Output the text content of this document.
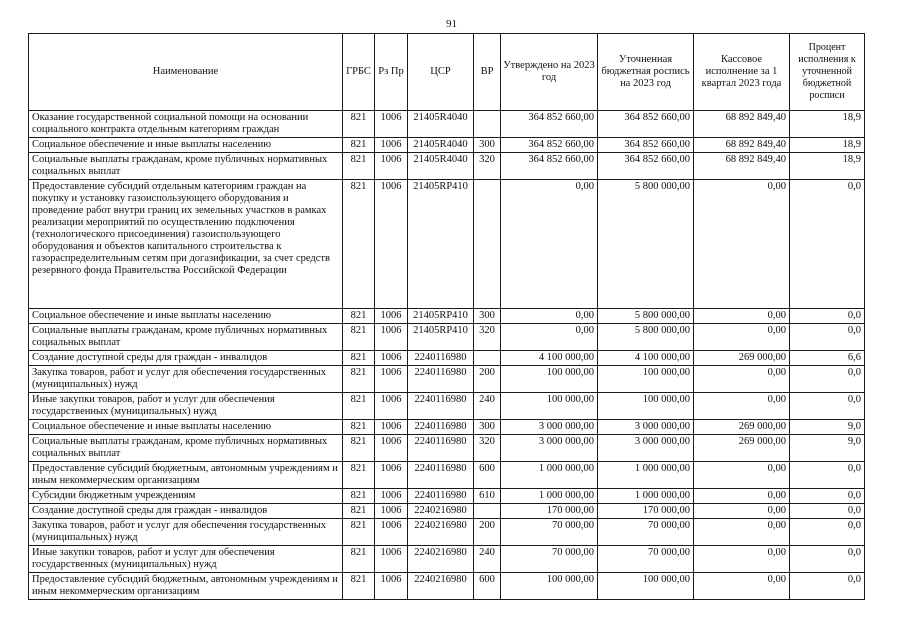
91
Наименование	ГРБС	Рз Пр	ЦСР	ВР	Утверждено на 2023 год	Уточненная бюджетная роспись на 2023 год	Кассовое исполнение за 1 квартал 2023 года	Процент исполнения к уточненной бюджетной росписи
Оказание государственной социальной помощи на основании социального контракта отдельным категориям граждан	821	1006	21405R4040		364 852 660,00	364 852 660,00	68 892 849,40	18,9
Социальное обеспечение и иные выплаты населению	821	1006	21405R4040	300	364 852 660,00	364 852 660,00	68 892 849,40	18,9
Социальные выплаты гражданам, кроме публичных нормативных социальных выплат	821	1006	21405R4040	320	364 852 660,00	364 852 660,00	68 892 849,40	18,9
Предоставление субсидий отдельным категориям граждан на покупку и установку газоиспользующего оборудования и проведение работ внутри границ их земельных участков в рамках реализации мероприятий по осуществлению подключения (технологического присоединения) газоиспользующего оборудования и объектов капитального строительства к газораспределительным сетям при догазификации, за счет средств резервного фонда Правительства Российской Федерации	821	1006	21405RP410		0,00	5 800 000,00	0,00	0,0
Социальное обеспечение и иные выплаты населению	821	1006	21405RP410	300	0,00	5 800 000,00	0,00	0,0
Социальные выплаты гражданам, кроме публичных нормативных социальных выплат	821	1006	21405RP410	320	0,00	5 800 000,00	0,00	0,0
Создание доступной среды для граждан - инвалидов	821	1006	2240116980		4 100 000,00	4 100 000,00	269 000,00	6,6
Закупка товаров, работ и услуг для обеспечения государственных (муниципальных) нужд	821	1006	2240116980	200	100 000,00	100 000,00	0,00	0,0
Иные закупки товаров, работ и услуг для обеспечения государственных (муниципальных) нужд	821	1006	2240116980	240	100 000,00	100 000,00	0,00	0,0
Социальное обеспечение и иные выплаты населению	821	1006	2240116980	300	3 000 000,00	3 000 000,00	269 000,00	9,0
Социальные выплаты гражданам, кроме публичных нормативных социальных выплат	821	1006	2240116980	320	3 000 000,00	3 000 000,00	269 000,00	9,0
Предоставление субсидий бюджетным, автономным учреждениям и иным некоммерческим организациям	821	1006	2240116980	600	1 000 000,00	1 000 000,00	0,00	0,0
Субсидии бюджетным учреждениям	821	1006	2240116980	610	1 000 000,00	1 000 000,00	0,00	0,0
Создание доступной среды для граждан - инвалидов	821	1006	2240216980		170 000,00	170 000,00	0,00	0,0
Закупка товаров, работ и услуг для обеспечения государственных (муниципальных) нужд	821	1006	2240216980	200	70 000,00	70 000,00	0,00	0,0
Иные закупки товаров, работ и услуг для обеспечения государственных (муниципальных) нужд	821	1006	2240216980	240	70 000,00	70 000,00	0,00	0,0
Предоставление субсидий бюджетным, автономным учреждениям и иным некоммерческим организациям	821	1006	2240216980	600	100 000,00	100 000,00	0,00	0,0
